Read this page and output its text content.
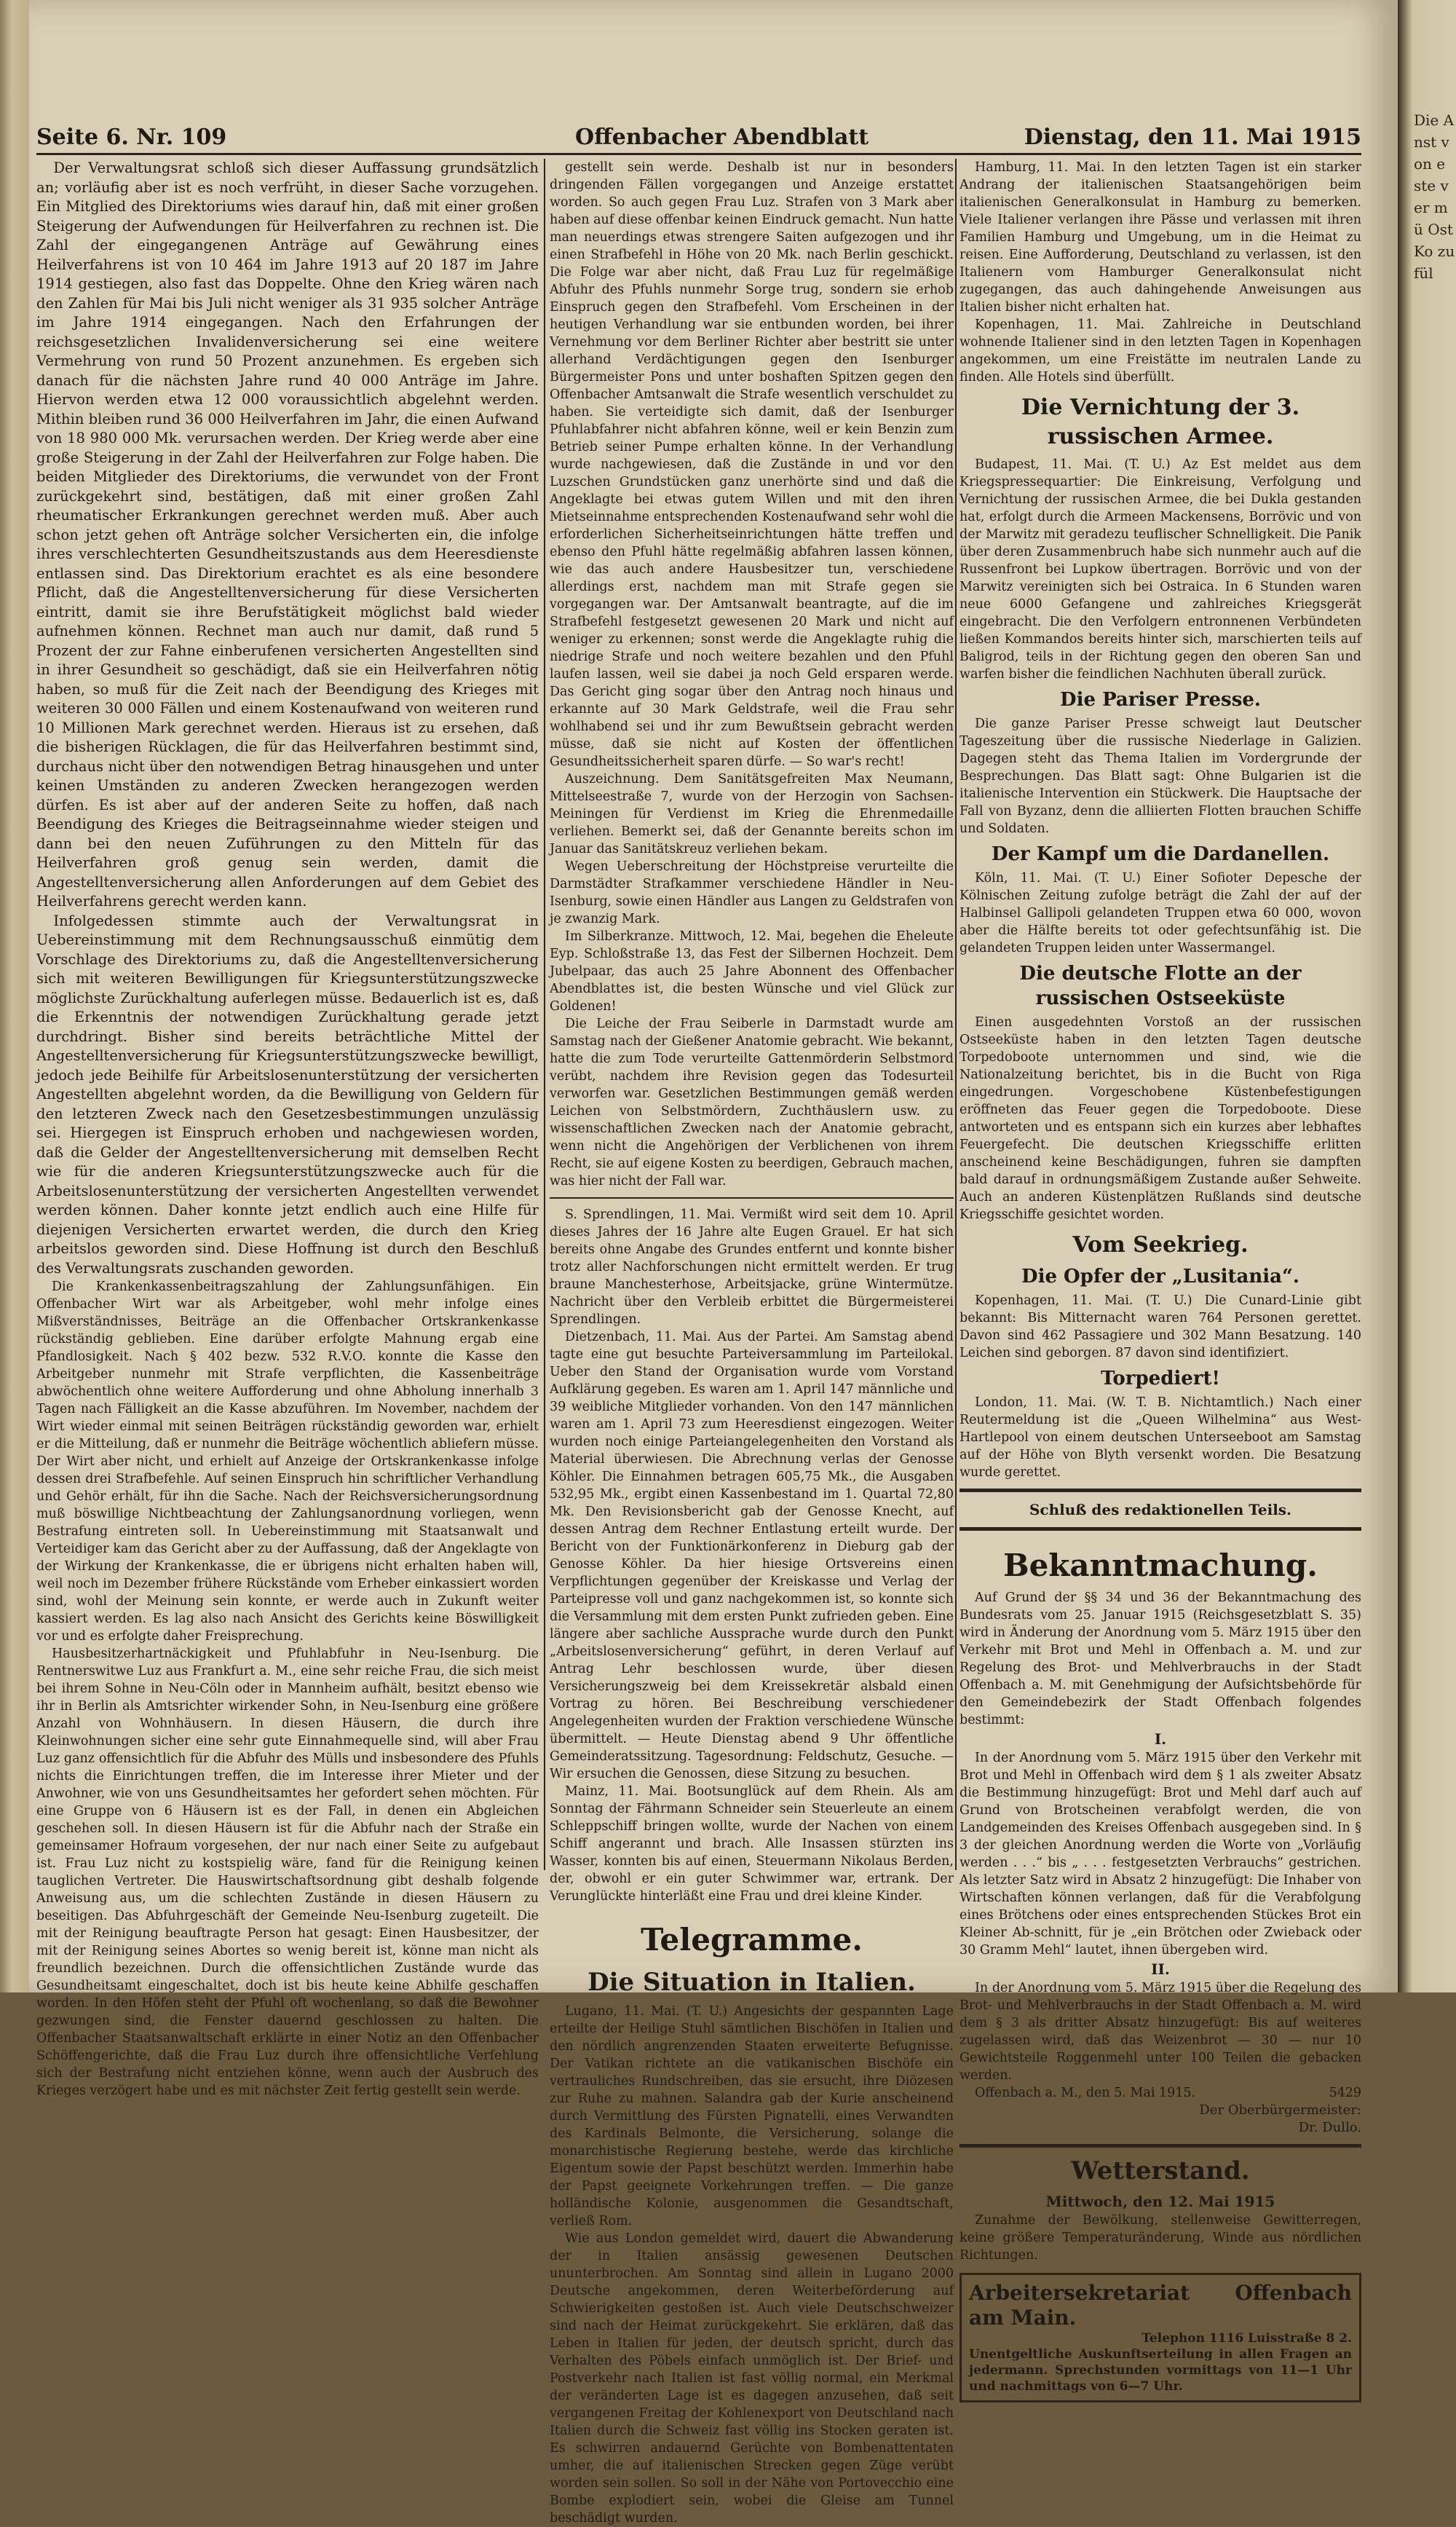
Die Anst von e ste ver mü Ost Ko zu fül
Seite 6. Nr. 109	Offenbacher Abendblatt	Dienstag, den 11. Mai 1915

Der Verwaltungsrat schloß sich dieser Auffassung grundsätzlich an; vorläufig aber ist es noch verfrüht, in dieser Sache vorzugehen. Ein Mitglied des Direktoriums wies darauf hin, daß mit einer großen Steigerung der Aufwendungen für Heilverfahren zu rechnen ist. Die Zahl der eingegangenen Anträge auf Gewährung eines Heilverfahrens ist von 10 464 im Jahre 1913 auf 20 187 im Jahre 1914 gestiegen, also fast das Doppelte. Ohne den Krieg wären nach den Zahlen für Mai bis Juli nicht weniger als 31 935 solcher Anträge im Jahre 1914 eingegangen. Nach den Erfahrungen der reichsgesetzlichen Invalidenversicherung sei eine weitere Vermehrung von rund 50 Prozent anzunehmen. Es ergeben sich danach für die nächsten Jahre rund 40 000 Anträge im Jahre. Hiervon werden etwa 12 000 voraussichtlich abgelehnt werden. Mithin bleiben rund 36 000 Heilverfahren im Jahr, die einen Aufwand von 18 980 000 Mk. verursachen werden. Der Krieg werde aber eine große Steigerung in der Zahl der Heilverfahren zur Folge haben. Die beiden Mitglieder des Direktoriums, die verwundet von der Front zurückgekehrt sind, bestätigen, daß mit einer großen Zahl rheumatischer Erkrankungen gerechnet werden muß. Aber auch schon jetzt gehen oft Anträge solcher Versicherten ein, die infolge ihres verschlechterten Gesundheitszustands aus dem Heeresdienste entlassen sind. Das Direktorium erachtet es als eine besondere Pflicht, daß die Angestelltenversicherung für diese Versicherten eintritt, damit sie ihre Berufstätigkeit möglichst bald wieder aufnehmen können. Rechnet man auch nur damit, daß rund 5 Prozent der zur Fahne einberufenen versicherten Angestellten sind in ihrer Gesundheit so geschädigt, daß sie ein Heilverfahren nötig haben, so muß für die Zeit nach der Beendigung des Krieges mit weiteren 30 000 Fällen und einem Kostenaufwand von weiteren rund 10 Millionen Mark gerechnet werden. Hieraus ist zu ersehen, daß die bisherigen Rücklagen, die für das Heilverfahren bestimmt sind, durchaus nicht über den notwendigen Betrag hinausgehen und unter keinen Umständen zu anderen Zwecken herangezogen werden dürfen. Es ist aber auf der anderen Seite zu hoffen, daß nach Beendigung des Krieges die Beitragseinnahme wieder steigen und dann bei den neuen Zuführungen zu den Mitteln für das Heilverfahren groß genug sein werden, damit die Angestelltenversicherung allen Anforderungen auf dem Gebiet des Heilverfahrens gerecht werden kann.

Infolgedessen stimmte auch der Verwaltungsrat in Uebereinstimmung mit dem Rechnungsausschuß einmütig dem Vorschlage des Direktoriums zu, daß die Angestelltenversicherung sich mit weiteren Bewilligungen für Kriegsunterstützungszwecke möglichste Zurückhaltung auferlegen müsse. Bedauerlich ist es, daß die Erkenntnis der notwendigen Zurückhaltung gerade jetzt durchdringt. Bisher sind bereits beträchtliche Mittel der Angestelltenversicherung für Kriegsunterstützungszwecke bewilligt, jedoch jede Beihilfe für Arbeitslosenunterstützung der versicherten Angestellten abgelehnt worden, da die Bewilligung von Geldern für den letzteren Zweck nach den Gesetzesbestimmungen unzulässig sei. Hiergegen ist Einspruch erhoben und nachgewiesen worden, daß die Gelder der Angestelltenversicherung mit demselben Recht wie für die anderen Kriegsunterstützungszwecke auch für die Arbeitslosenunterstützung der versicherten Angestellten verwendet werden können. Daher konnte jetzt endlich auch eine Hilfe für diejenigen Versicherten erwartet werden, die durch den Krieg arbeitslos geworden sind. Diese Hoffnung ist durch den Beschluß des Verwaltungsrats zuschanden geworden.

Die Krankenkassenbeitragszahlung der Zahlungsunfähigen. Ein Offenbacher Wirt war als Arbeitgeber, wohl mehr infolge eines Mißverständnisses, Beiträge an die Offenbacher Ortskrankenkasse rückständig geblieben. Eine darüber erfolgte Mahnung ergab eine Pfandlosigkeit. Nach § 402 bezw. 532 R.V.O. konnte die Kasse den Arbeitgeber nunmehr mit Strafe verpflichten, die Kassenbeiträge abwöchentlich ohne weitere Aufforderung und ohne Abholung innerhalb 3 Tagen nach Fälligkeit an die Kasse abzuführen. Im November, nachdem der Wirt wieder einmal mit seinen Beiträgen rückständig geworden war, erhielt er die Mitteilung, daß er nunmehr die Beiträge wöchentlich abliefern müsse. Der Wirt aber nicht, und erhielt auf Anzeige der Ortskrankenkasse infolge dessen drei Strafbefehle. Auf seinen Einspruch hin schriftlicher Verhandlung und Gehör erhält, für ihn die Sache. Nach der Reichsversicherungsordnung muß böswillige Nichtbeachtung der Zahlungsanordnung vorliegen, wenn Bestrafung eintreten soll. In Uebereinstimmung mit Staatsanwalt und Verteidiger kam das Gericht aber zu der Auffassung, daß der Angeklagte von der Wirkung der Krankenkasse, die er übrigens nicht erhalten haben will, weil noch im Dezember frühere Rückstände vom Erheber einkassiert worden sind, wohl der Meinung sein konnte, er werde auch in Zukunft weiter kassiert werden. Es lag also nach Ansicht des Gerichts keine Böswilligkeit vor und es erfolgte daher Freisprechung.

Hausbesitzerhartnäckigkeit und Pfuhlabfuhr in Neu-Isenburg. Die Rentnerswitwe Luz aus Frankfurt a. M., eine sehr reiche Frau, die sich meist bei ihrem Sohne in Neu-Cöln oder in Mannheim aufhält, besitzt ebenso wie ihr in Berlin als Amtsrichter wirkender Sohn, in Neu-Isenburg eine größere Anzahl von Wohnhäusern. In diesen Häusern, die durch ihre Kleinwohnungen sicher eine sehr gute Einnahmequelle sind, will aber Frau Luz ganz offensichtlich für die Abfuhr des Mülls und insbesondere des Pfuhls nichts die Einrichtungen treffen, die im Interesse ihrer Mieter und der Anwohner, wie von uns Gesundheitsamtes her gefordert sehen möchten. Für eine Gruppe von 6 Häusern ist es der Fall, in denen ein Abgleichen geschehen soll. In diesen Häusern ist für die Abfuhr nach der Straße ein gemeinsamer Hofraum vorgesehen, der nur nach einer Seite zu aufgebaut ist. Frau Luz nicht zu kostspielig wäre, fand für die Reinigung keinen tauglichen Vertreter. Die Hauswirtschaftsordnung gibt deshalb folgende Anweisung aus, um die schlechten Zustände in diesen Häusern zu beseitigen. Das Abfuhrgeschäft der Gemeinde Neu-Isenburg zugeteilt. Die mit der Reinigung beauftragte Person hat gesagt: Einen Hausbesitzer, der mit der Reinigung seines Abortes so wenig bereit ist, könne man nicht als freundlich bezeichnen. Durch die offensichtlichen Zustände wurde das Gesundheitsamt eingeschaltet, doch ist bis heute keine Abhilfe geschaffen worden. In den Höfen steht der Pfuhl oft wochenlang, so daß die Bewohner gezwungen sind, die Fenster dauernd geschlossen zu halten. Die Offenbacher Staatsanwaltschaft erklärte in einer Notiz an den Offenbacher Schöffengerichte, daß die Frau Luz durch ihre offensichtliche Verfehlung sich der Bestrafung nicht entziehen könne, wenn auch der Ausbruch des Krieges verzögert habe und es mit nächster Zeit fertig gestellt sein werde.

gestellt sein werde. Deshalb ist nur in besonders dringenden Fällen vorgegangen und Anzeige erstattet worden. So auch gegen Frau Luz. Strafen von 3 Mark aber haben auf diese offenbar keinen Eindruck gemacht. Nun hatte man neuerdings etwas strengere Saiten aufgezogen und ihr einen Strafbefehl in Höhe von 20 Mk. nach Berlin geschickt. Die Folge war aber nicht, daß Frau Luz für regelmäßige Abfuhr des Pfuhls nunmehr Sorge trug, sondern sie erhob Einspruch gegen den Strafbefehl. Vom Erscheinen in der heutigen Verhandlung war sie entbunden worden, bei ihrer Vernehmung vor dem Berliner Richter aber bestritt sie unter allerhand Verdächtigungen gegen den Isenburger Bürgermeister Pons und unter boshaften Spitzen gegen den Offenbacher Amtsanwalt die Strafe wesentlich verschuldet zu haben. Sie verteidigte sich damit, daß der Isenburger Pfuhlabfahrer nicht abfahren könne, weil er kein Benzin zum Betrieb seiner Pumpe erhalten könne. In der Verhandlung wurde nachgewiesen, daß die Zustände in und vor den Luzschen Grundstücken ganz unerhörte sind und daß die Angeklagte bei etwas gutem Willen und mit den ihren Mietseinnahme entsprechenden Kostenaufwand sehr wohl die erforderlichen Sicherheitseinrichtungen hätte treffen und ebenso den Pfuhl hätte regelmäßig abfahren lassen können, wie das auch andere Hausbesitzer tun, verschiedene allerdings erst, nachdem man mit Strafe gegen sie vorgegangen war. Der Amtsanwalt beantragte, auf die im Strafbefehl festgesetzt gewesenen 20 Mark und nicht auf weniger zu erkennen; sonst werde die Angeklagte ruhig die niedrige Strafe und noch weitere bezahlen und den Pfuhl laufen lassen, weil sie dabei ja noch Geld ersparen werde. Das Gericht ging sogar über den Antrag noch hinaus und erkannte auf 30 Mark Geldstrafe, weil die Frau sehr wohlhabend sei und ihr zum Bewußtsein gebracht werden müsse, daß sie nicht auf Kosten der öffentlichen Gesundheitssicherheit sparen dürfe. — So war's recht!

Auszeichnung. Dem Sanitätsgefreiten Max Neumann, Mittelseestraße 7, wurde von der Herzogin von Sachsen-Meiningen für Verdienst im Krieg die Ehrenmedaille verliehen. Bemerkt sei, daß der Genannte bereits schon im Januar das Sanitätskreuz verliehen bekam.

Wegen Ueberschreitung der Höchstpreise verurteilte die Darmstädter Strafkammer verschiedene Händler in Neu-Isenburg, sowie einen Händler aus Langen zu Geldstrafen von je zwanzig Mark.

Im Silberkranze. Mittwoch, 12. Mai, begehen die Eheleute Eyp. Schloßstraße 13, das Fest der Silbernen Hochzeit. Dem Jubelpaar, das auch 25 Jahre Abonnent des Offenbacher Abendblattes ist, die besten Wünsche und viel Glück zur Goldenen!

Die Leiche der Frau Seiberle in Darmstadt wurde am Samstag nach der Gießener Anatomie gebracht. Wie bekannt, hatte die zum Tode verurteilte Gattenmörderin Selbstmord verübt, nachdem ihre Revision gegen das Todesurteil verworfen war. Gesetzlichen Bestimmungen gemäß werden Leichen von Selbstmördern, Zuchthäuslern usw. zu wissenschaftlichen Zwecken nach der Anatomie gebracht, wenn nicht die Angehörigen der Verblichenen von ihrem Recht, sie auf eigene Kosten zu beerdigen, Gebrauch machen, was hier nicht der Fall war.

S. Sprendlingen, 11. Mai. Vermißt wird seit dem 10. April dieses Jahres der 16 Jahre alte Eugen Grauel. Er hat sich bereits ohne Angabe des Grundes entfernt und konnte bisher trotz aller Nachforschungen nicht ermittelt werden. Er trug braune Manchesterhose, Arbeitsjacke, grüne Wintermütze. Nachricht über den Verbleib erbittet die Bürgermeisterei Sprendlingen.

Dietzenbach, 11. Mai. Aus der Partei. Am Samstag abend tagte eine gut besuchte Parteiversammlung im Parteilokal. Ueber den Stand der Organisation wurde vom Vorstand Aufklärung gegeben. Es waren am 1. April 147 männliche und 39 weibliche Mitglieder vorhanden. Von den 147 männlichen waren am 1. April 73 zum Heeresdienst eingezogen. Weiter wurden noch einige Parteiangelegenheiten den Vorstand als Material überwiesen. Die Abrechnung verlas der Genosse Köhler. Die Einnahmen betragen 605,75 Mk., die Ausgaben 532,95 Mk., ergibt einen Kassenbestand im 1. Quartal 72,80 Mk. Den Revisionsbericht gab der Genosse Knecht, auf dessen Antrag dem Rechner Entlastung erteilt wurde. Der Bericht von der Funktionärkonferenz in Dieburg gab der Genosse Köhler. Da hier hiesige Ortsvereins einen Verpflichtungen gegenüber der Kreiskasse und Verlag der Parteipresse voll und ganz nachgekommen ist, so konnte sich die Versammlung mit dem ersten Punkt zufrieden geben. Eine längere aber sachliche Aussprache wurde durch den Punkt „Arbeitslosenversicherung“ geführt, in deren Verlauf auf Antrag Lehr beschlossen wurde, über diesen Versicherungszweig bei dem Kreissekretär alsbald einen Vortrag zu hören. Bei Beschreibung verschiedener Angelegenheiten wurden der Fraktion verschiedene Wünsche übermittelt. — Heute Dienstag abend 9 Uhr öffentliche Gemeinderatssitzung. Tagesordnung: Feldschutz, Gesuche. — Wir ersuchen die Genossen, diese Sitzung zu besuchen.

Mainz, 11. Mai. Bootsunglück auf dem Rhein. Als am Sonntag der Fährmann Schneider sein Steuerleute an einem Schleppschiff bringen wollte, wurde der Nachen von einem Schiff angerannt und brach. Alle Insassen stürzten ins Wasser, konnten bis auf einen, Steuermann Nikolaus Berden, der, obwohl er ein guter Schwimmer war, ertrank. Der Verunglückte hinterläßt eine Frau und drei kleine Kinder.

Telegramme.
Die Situation in Italien.

Lugano, 11. Mai. (T. U.) Angesichts der gespannten Lage erteilte der Heilige Stuhl sämtlichen Bischöfen in Italien und den nördlich angrenzenden Staaten erweiterte Befugnisse. Der Vatikan richtete an die vatikanischen Bischöfe ein vertrauliches Rundschreiben, das sie ersucht, ihre Diözesen zur Ruhe zu mahnen. Salandra gab der Kurie anscheinend durch Vermittlung des Fürsten Pignatelli, eines Verwandten des Kardinals Belmonte, die Versicherung, solange die monarchistische Regierung bestehe, werde das kirchliche Eigentum sowie der Papst beschützt werden. Immerhin habe der Papst geeignete Vorkehrungen treffen. — Die ganze holländische Kolonie, ausgenommen die Gesandtschaft, verließ Rom.

Wie aus London gemeldet wird, dauert die Abwanderung der in Italien ansässig gewesenen Deutschen ununterbrochen. Am Sonntag sind allein in Lugano 2000 Deutsche angekommen, deren Weiterbeförderung auf Schwierigkeiten gestoßen ist. Auch viele Deutschschweizer sind nach der Heimat zurückgekehrt. Sie erklären, daß das Leben in Italien für jeden, der deutsch spricht, durch das Verhalten des Pöbels einfach unmöglich ist. Der Brief- und Postverkehr nach Italien ist fast völlig normal, ein Merkmal der veränderten Lage ist es dagegen anzusehen, daß seit vergangenen Freitag der Kohlenexport von Deutschland nach Italien durch die Schweiz fast völlig ins Stocken geraten ist. Es schwirren andauernd Gerüchte von Bombenattentaten umher, die auf italienischen Strecken gegen Züge verübt worden sein sollen. So soll in der Nähe von Portovecchio eine Bombe explodiert sein, wobei die Gleise am Tunnel beschädigt wurden.

Hamburg, 11. Mai. In den letzten Tagen ist ein starker Andrang der italienischen Staatsangehörigen beim italienischen Generalkonsulat in Hamburg zu bemerken. Viele Italiener verlangen ihre Pässe und verlassen mit ihren Familien Hamburg und Umgebung, um in die Heimat zu reisen. Eine Aufforderung, Deutschland zu verlassen, ist den Italienern vom Hamburger Generalkonsulat nicht zugegangen, das auch dahingehende Anweisungen aus Italien bisher nicht erhalten hat.

Kopenhagen, 11. Mai. Zahlreiche in Deutschland wohnende Italiener sind in den letzten Tagen in Kopenhagen angekommen, um eine Freistätte im neutralen Lande zu finden. Alle Hotels sind überfüllt.

Die Vernichtung der 3. russischen Armee.

Budapest, 11. Mai. (T. U.) Az Est meldet aus dem Kriegspressequartier: Die Einkreisung, Verfolgung und Vernichtung der russischen Armee, die bei Dukla gestanden hat, erfolgt durch die Armeen Mackensens, Borrövic und von der Marwitz mit geradezu teuflischer Schnelligkeit. Die Panik über deren Zusammenbruch habe sich nunmehr auch auf die Russenfront bei Lupkow übertragen. Borrövic und von der Marwitz vereinigten sich bei Ostraica. In 6 Stunden waren neue 6000 Gefangene und zahlreiches Kriegsgerät eingebracht. Die den Verfolgern entronnenen Verbündeten ließen Kommandos bereits hinter sich, marschierten teils auf Baligrod, teils in der Richtung gegen den oberen San und warfen bisher die feindlichen Nachhuten überall zurück.

Die Pariser Presse.

Die ganze Pariser Presse schweigt laut Deutscher Tageszeitung über die russische Niederlage in Galizien. Dagegen steht das Thema Italien im Vordergrunde der Besprechungen. Das Blatt sagt: Ohne Bulgarien ist die italienische Intervention ein Stückwerk. Die Hauptsache der Fall von Byzanz, denn die alliierten Flotten brauchen Schiffe und Soldaten.

Der Kampf um die Dardanellen.

Köln, 11. Mai. (T. U.) Einer Sofioter Depesche der Kölnischen Zeitung zufolge beträgt die Zahl der auf der Halbinsel Gallipoli gelandeten Truppen etwa 60 000, wovon aber die Hälfte bereits tot oder gefechtsunfähig ist. Die gelandeten Truppen leiden unter Wassermangel.

Die deutsche Flotte an der russischen Ostseeküste

Einen ausgedehnten Vorstoß an der russischen Ostseeküste haben in den letzten Tagen deutsche Torpedoboote unternommen und sind, wie die Nationalzeitung berichtet, bis in die Bucht von Riga eingedrungen. Vorgeschobene Küstenbefestigungen eröffneten das Feuer gegen die Torpedoboote. Diese antworteten und es entspann sich ein kurzes aber lebhaftes Feuergefecht. Die deutschen Kriegsschiffe erlitten anscheinend keine Beschädigungen, fuhren sie dampften bald darauf in ordnungsmäßigem Zustande außer Sehweite. Auch an anderen Küstenplätzen Rußlands sind deutsche Kriegsschiffe gesichtet worden.

Vom Seekrieg.
Die Opfer der „Lusitania“.

Kopenhagen, 11. Mai. (T. U.) Die Cunard-Linie gibt bekannt: Bis Mitternacht waren 764 Personen gerettet. Davon sind 462 Passagiere und 302 Mann Besatzung. 140 Leichen sind geborgen. 87 davon sind identifiziert.

Torpediert!

London, 11. Mai. (W. T. B. Nichtamtlich.) Nach einer Reutermeldung ist die „Queen Wilhelmina“ aus West-Hartlepool von einem deutschen Unterseeboot am Samstag auf der Höhe von Blyth versenkt worden. Die Besatzung wurde gerettet.

Schluß des redaktionellen Teils.
Bekanntmachung.

Auf Grund der §§ 34 und 36 der Bekanntmachung des Bundesrats vom 25. Januar 1915 (Reichsgesetzblatt S. 35) wird in Änderung der Anordnung vom 5. März 1915 über den Verkehr mit Brot und Mehl in Offenbach a. M. und zur Regelung des Brot- und Mehlverbrauchs in der Stadt Offenbach a. M. mit Genehmigung der Aufsichtsbehörde für den Gemeindebezirk der Stadt Offenbach folgendes bestimmt:

I.

In der Anordnung vom 5. März 1915 über den Verkehr mit Brot und Mehl in Offenbach wird dem § 1 als zweiter Absatz die Bestimmung hinzugefügt: Brot und Mehl darf auch auf Grund von Brotscheinen verabfolgt werden, die von Landgemeinden des Kreises Offenbach ausgegeben sind. In § 3 der gleichen Anordnung werden die Worte von „Vorläufig werden . . .“ bis „ . . . festgesetzten Verbrauchs“ gestrichen. Als letzter Satz wird in Absatz 2 hinzugefügt: Die Inhaber von Wirtschaften können verlangen, daß für die Verabfolgung eines Brötchens oder eines entsprechenden Stückes Brot ein Kleiner Ab-schnitt, für je „ein Brötchen oder Zwieback oder 30 Gramm Mehl“ lautet, ihnen übergeben wird.

II.

In der Anordnung vom 5. März 1915 über die Regelung des Brot- und Mehlverbrauchs in der Stadt Offenbach a. M. wird dem § 3 als dritter Absatz hinzugefügt: Bis auf weiteres zugelassen wird, daß das Weizenbrot — 30 — nur 10 Gewichtsteile Roggenmehl unter 100 Teilen die gebacken werden.

Offenbach a. M., den 5. Mai 1915.	5429

Der Oberbürgermeister:
Dr. Dullo.
Wetterstand.
Mittwoch, den 12. Mai 1915

Zunahme der Bewölkung, stellenweise Gewitterregen, keine größere Temperaturänderung, Winde aus nördlichen Richtungen.

Arbeitersekretariat Offenbach am Main.
Telephon 1116 Luisstraße 8 2.
Unentgeltliche Auskunftserteilung in allen Fragen an jedermann. Sprechstunden vormittags von 11—1 Uhr und nachmittags von 6—7 Uhr.
